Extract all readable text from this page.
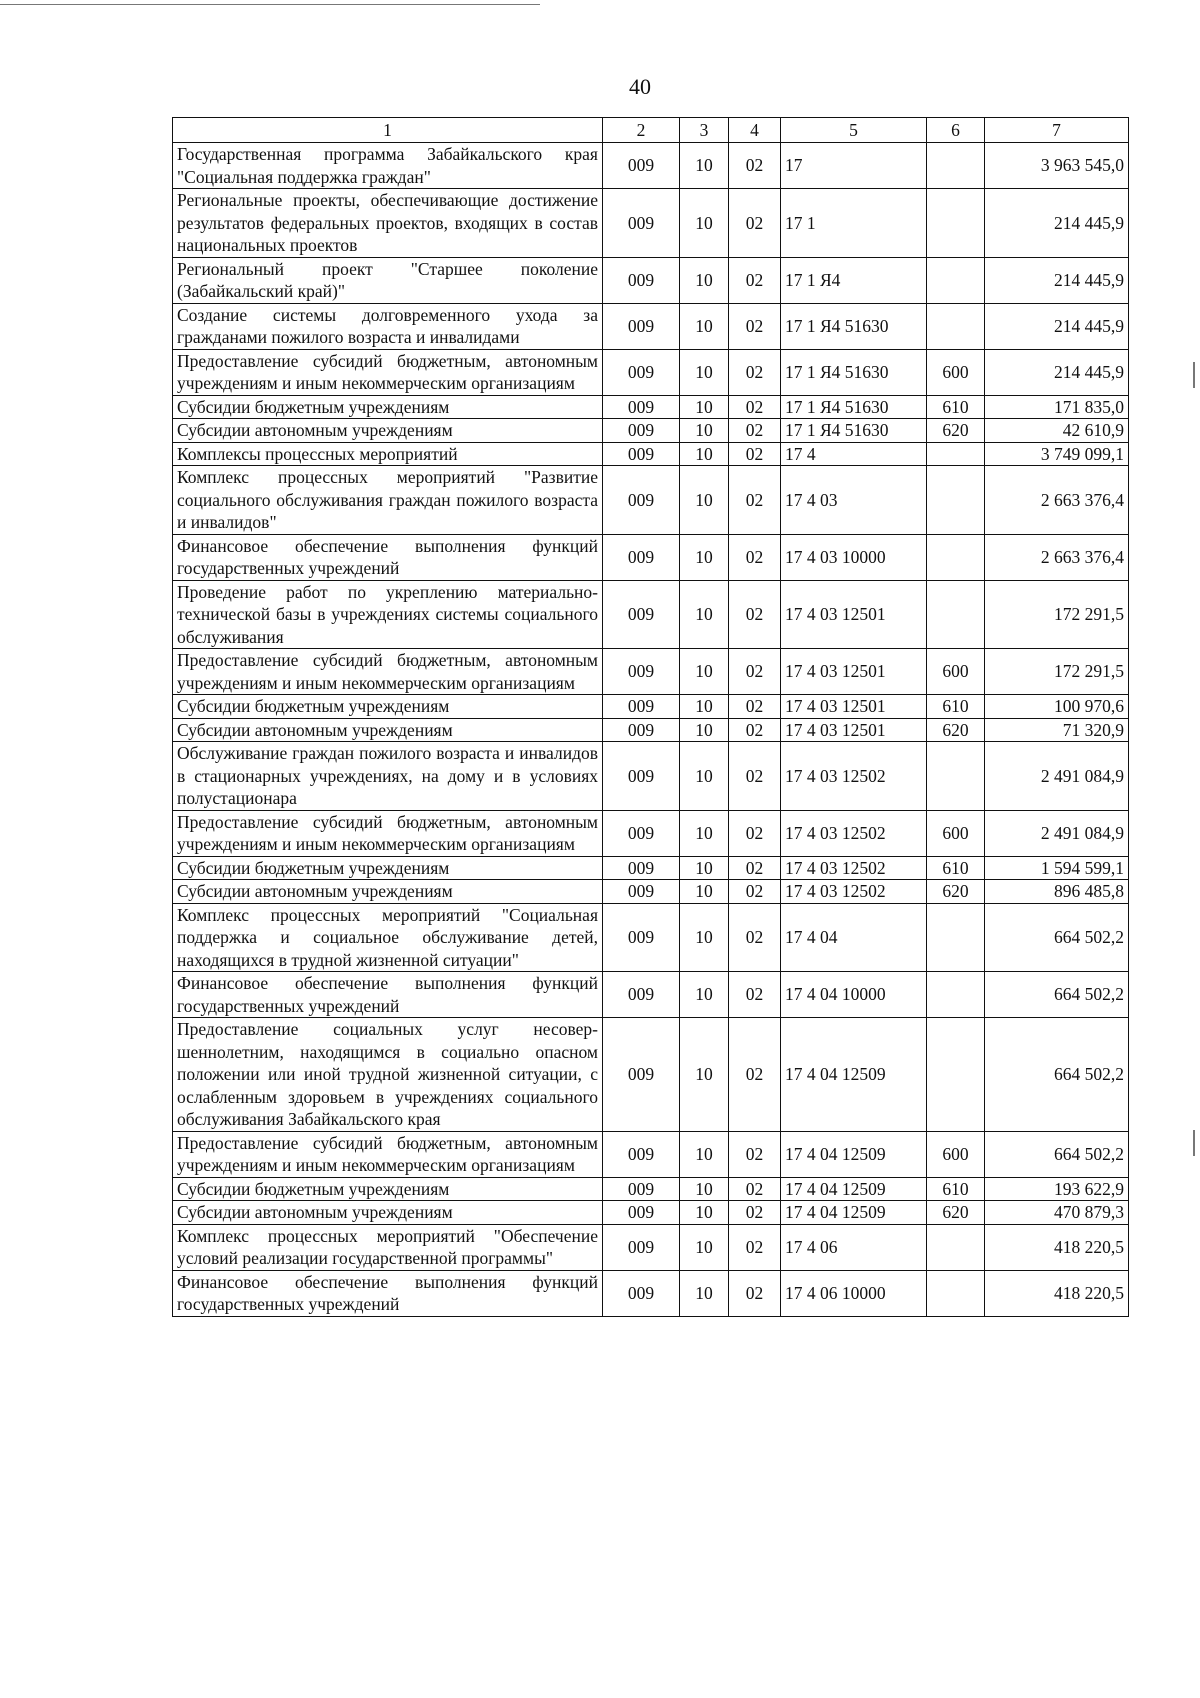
40
1	2	3	4	5	6	7
Государственная программа Забайкальского края "Социальная поддержка граждан"	009	10	02	17		3 963 545,0
Региональные проекты, обеспечивающие достижение результатов федеральных проектов, входящих в состав национальных проектов	009	10	02	17 1		214 445,9
Региональный проект "Старшее поколение (Забайкальский край)"	009	10	02	17 1 Я4		214 445,9
Создание системы долговременного ухода за гражданами пожилого возраста и инвалидами	009	10	02	17 1 Я4 51630		214 445,9
Предоставление субсидий бюджетным, автономным учреждениям и иным некоммерческим организациям	009	10	02	17 1 Я4 51630	600	214 445,9
Субсидии бюджетным учреждениям	009	10	02	17 1 Я4 51630	610	171 835,0
Субсидии автономным учреждениям	009	10	02	17 1 Я4 51630	620	42 610,9
Комплексы процессных мероприятий	009	10	02	17 4		3 749 099,1
Комплекс процессных мероприятий "Развитие социального обслуживания граждан пожилого возраста и инвалидов"	009	10	02	17 4 03		2 663 376,4
Финансовое обеспечение выполнения функций государственных учреждений	009	10	02	17 4 03 10000		2 663 376,4
Проведение работ по укреплению материально-технической базы в учреждениях системы социального обслуживания	009	10	02	17 4 03 12501		172 291,5
Предоставление субсидий бюджетным, автономным учреждениям и иным некоммерческим организациям	009	10	02	17 4 03 12501	600	172 291,5
Субсидии бюджетным учреждениям	009	10	02	17 4 03 12501	610	100 970,6
Субсидии автономным учреждениям	009	10	02	17 4 03 12501	620	71 320,9
Обслуживание граждан пожилого возраста и инвалидов в стационарных учреждениях, на дому и в условиях полустационара	009	10	02	17 4 03 12502		2 491 084,9
Предоставление субсидий бюджетным, автономным учреждениям и иным некоммерческим организациям	009	10	02	17 4 03 12502	600	2 491 084,9
Субсидии бюджетным учреждениям	009	10	02	17 4 03 12502	610	1 594 599,1
Субсидии автономным учреждениям	009	10	02	17 4 03 12502	620	896 485,8
Комплекс процессных мероприятий "Социальная поддержка и социальное обслуживание детей, находящихся в трудной жизненной ситуации"	009	10	02	17 4 04		664 502,2
Финансовое обеспечение выполнения функций государственных учреждений	009	10	02	17 4 04 10000		664 502,2
Предоставление социальных услуг несовершеннолетним, находящимся в социально опасном положении или иной трудной жизненной ситуации, с ослабленным здоровьем в учреждениях социального обслуживания Забайкальского края	009	10	02	17 4 04 12509		664 502,2
Предоставление субсидий бюджетным, автономным учреждениям и иным некоммерческим организациям	009	10	02	17 4 04 12509	600	664 502,2
Субсидии бюджетным учреждениям	009	10	02	17 4 04 12509	610	193 622,9
Субсидии автономным учреждениям	009	10	02	17 4 04 12509	620	470 879,3
Комплекс процессных мероприятий "Обеспечение условий реализации государственной программы"	009	10	02	17 4 06		418 220,5
Финансовое обеспечение выполнения функций государственных учреждений	009	10	02	17 4 06 10000		418 220,5
